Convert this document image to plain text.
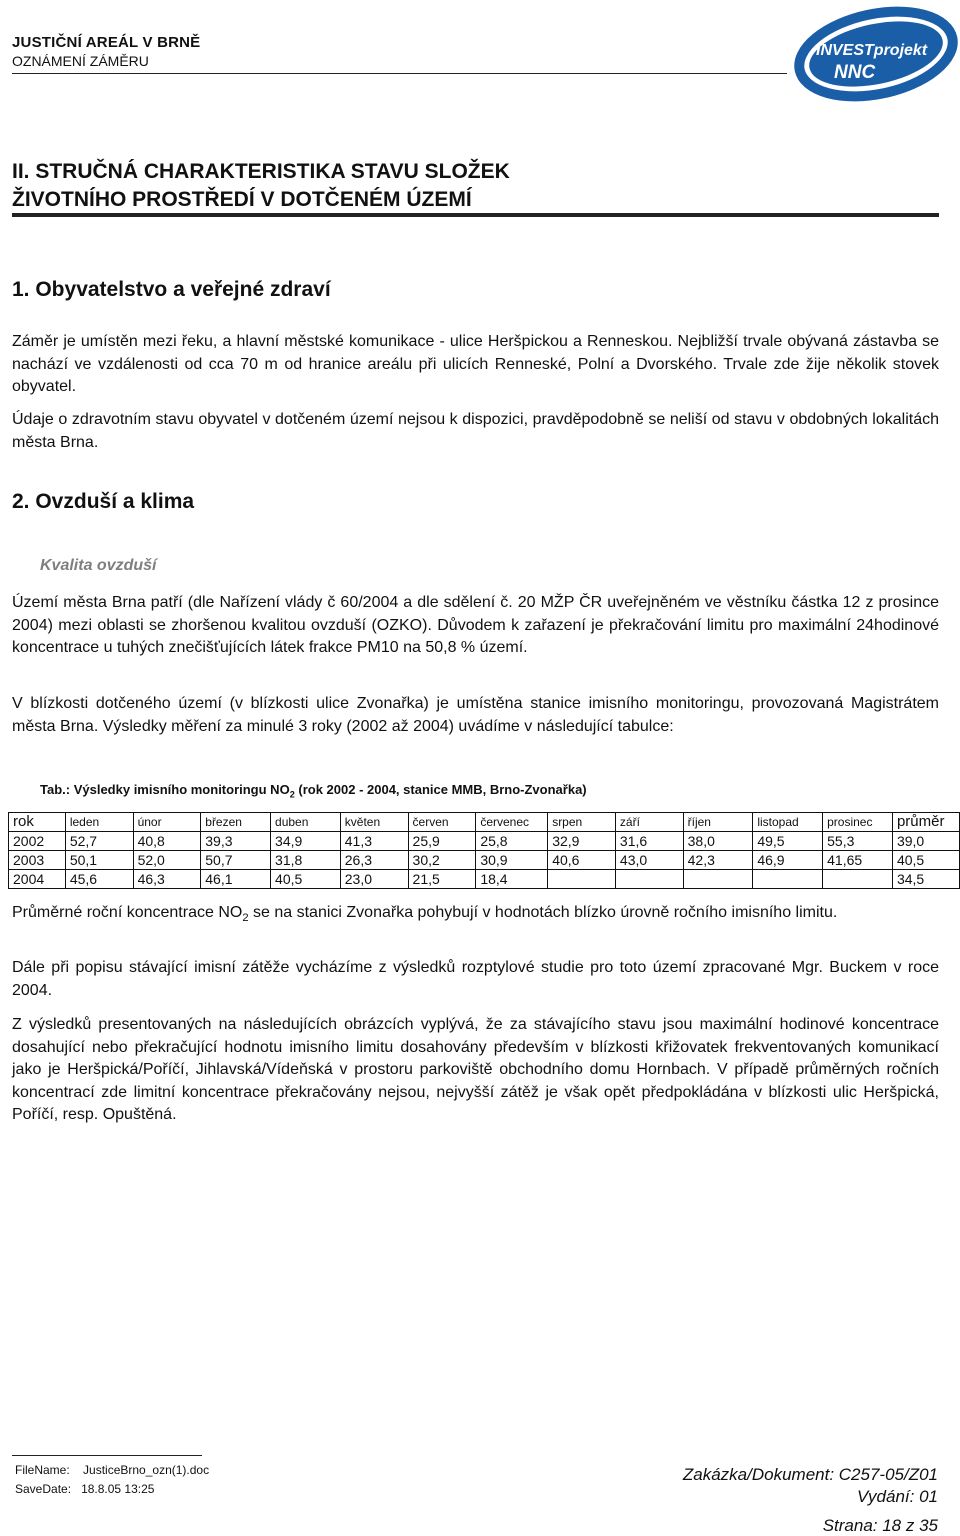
JUSTIČNÍ AREÁL V BRNĚ
OZNÁMENÍ ZÁMĚRU
INVESTprojekt
NNC
II. STRUČNÁ CHARAKTERISTIKA STAVU SLOŽEK
ŽIVOTNÍHO PROSTŘEDÍ V DOTČENÉM ÚZEMÍ
1. Obyvatelstvo a veřejné zdraví

Záměr je umístěn mezi řeku, a hlavní městské komunikace - ulice Heršpickou a Renneskou. Nejbližší trvale obývaná zástavba se nachází ve vzdálenosti od cca 70 m od hranice areálu při ulicích Renneské, Polní a Dvorského. Trvale zde žije několik stovek obyvatel.

Údaje o zdravotním stavu obyvatel v dotčeném území nejsou k dispozici, pravděpodobně se neliší od stavu v obdobných lokalitách města Brna.

2. Ovzduší a klima
Kvalita ovzduší

Území města Brna patří (dle Nařízení vlády č 60/2004 a dle sdělení č. 20 MŽP ČR uveřejněném ve věstníku částka 12 z prosince 2004) mezi oblasti se zhoršenou kvalitou ovzduší (OZKO). Důvodem k zařazení je překračování limitu pro maximální 24hodinové koncentrace u tuhých znečišťujících látek frakce PM10 na 50,8 % území.

V blízkosti dotčeného území (v blízkosti ulice Zvonařka) je umístěna stanice imisního monitoringu, provozovaná Magistrátem města Brna. Výsledky měření za minulé 3 roky (2002 až 2004) uvádíme v následující tabulce:

Tab.: Výsledky imisního monitoringu $NO_2$ (rok 2002 - 2004, stanice MMB, Brno-Zvonařka)
rok	leden	únor	březen	duben	květen	červen	červenec	srpen	září	říjen	listopad	prosinec	průměr
2002	52,7	40,8	39,3	34,9	41,3	25,9	25,8	32,9	31,6	38,0	49,5	55,3	39,0
2003	50,1	52,0	50,7	31,8	26,3	30,2	30,9	40,6	43,0	42,3	46,9	41,65	40,5
2004	45,6	46,3	46,1	40,5	23,0	21,5	18,4						34,5

Průměrné roční koncentrace $NO_2$ se na stanici Zvonařka pohybují v hodnotách blízko úrovně ročního imisního limitu.

Dále při popisu stávající imisní zátěže vycházíme z výsledků rozptylové studie pro toto území zpracované Mgr. Buckem v roce 2004.

Z výsledků presentovaných na následujících obrázcích vyplývá, že za stávajícího stavu jsou maximální hodinové koncentrace dosahující nebo překračující hodnotu imisního limitu dosahovány především v blízkosti křižovatek frekventovaných komunikací jako je Heršpická/Poříčí, Jihlavská/Vídeňská v prostoru parkoviště obchodního domu Hornbach. V případě průměrných ročních koncentrací zde limitní koncentrace překračovány nejsou, nejvyšší zátěž je však opět předpokládána v blízkosti ulic Heršpická, Poříčí, resp. Opuštěná.

FileName: JusticeBrno_ozn(1).doc
SaveDate: 18.8.05 13:25
Zakázka/Dokument: C257-05/Z01
Vydání: 01
Strana: 18 z 35
